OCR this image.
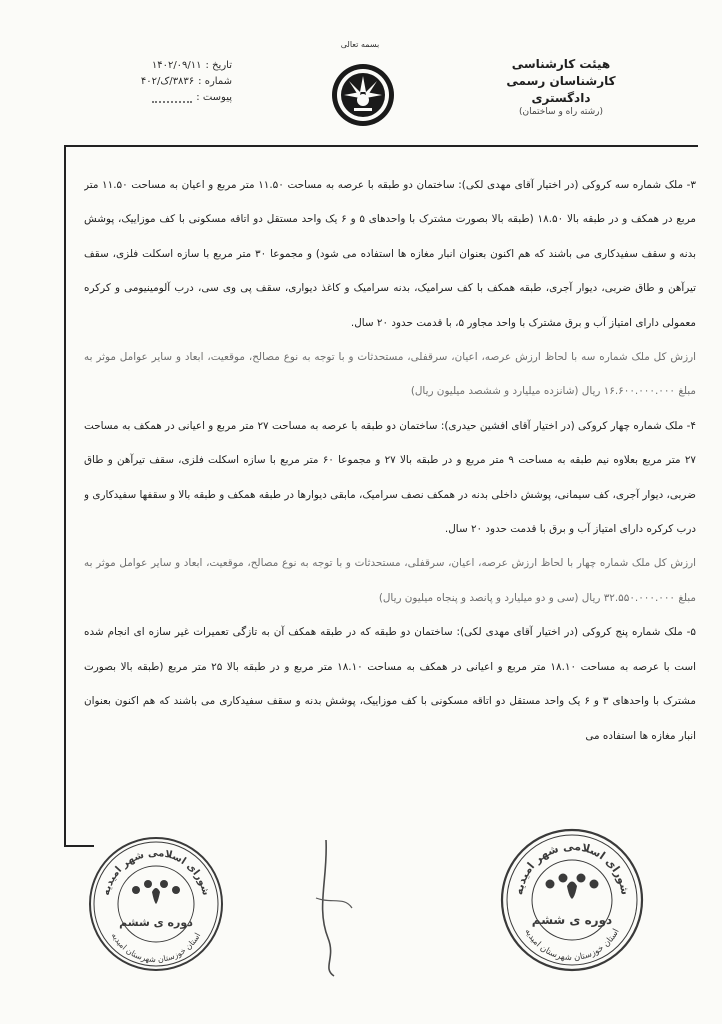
بسمه تعالی
هیئت کارشناسی
کارشناسان رسمی دادگستری
(رشته راه و ساختمان)
تاریخ :
۱۴۰۲/۰۹/۱۱
شماره :
۳۸۳۶/ک/۴۰۲
پیوست :

۳- ملک شماره سه کروکی (در اختیار آقای مهدی لکی): ساختمان دو طبقه با عرصه به مساحت ۱۱.۵۰ متر مربع و اعیان به مساحت ۱۱.۵۰ متر مربع در همکف و در طبقه بالا ۱۸.۵۰ (طبقه بالا بصورت مشترک با واحدهای ۵ و ۶ یک واحد مستقل دو اتاقه مسکونی با کف موزاییک، پوشش بدنه و سقف سفیدکاری می باشند که هم اکنون بعنوان انبار مغازه ها استفاده می شود) و مجموعا ۳۰ متر مربع با سازه اسکلت فلزی، سقف تیرآهن و طاق ضربی، دیوار آجری، طبقه همکف با کف سرامیک، بدنه سرامیک و کاغذ دیواری، سقف پی وی سی، درب آلومینیومی و کرکره معمولی دارای امتیاز آب و برق مشترک با واحد مجاور ۵، با قدمت حدود ۲۰ سال.

ارزش کل ملک شماره سه با لحاظ ارزش عرصه، اعیان، سرقفلی، مستحدثات و با توجه به نوع مصالح، موقعیت، ابعاد و سایر عوامل موثر به مبلغ ۱۶.۶۰۰.۰۰۰.۰۰۰ ریال (شانزده میلیارد و ششصد میلیون ریال)

۴- ملک شماره چهار کروکی (در اختیار آقای افشین حیدری): ساختمان دو طبقه با عرصه به مساحت ۲۷ متر مربع و اعیانی در همکف به مساحت ۲۷ متر مربع بعلاوه نیم طبقه به مساحت ۹ متر مربع و در طبقه بالا ۲۷ و مجموعا ۶۰ متر مربع با سازه اسکلت فلزی، سقف تیرآهن و طاق ضربی، دیوار آجری، کف سیمانی، پوشش داخلی بدنه در همکف نصف سرامیک، مابقی دیوارها در طبقه همکف و طبقه بالا و سقفها سفیدکاری و درب کرکره دارای امتیاز آب و برق با قدمت حدود ۲۰ سال.

ارزش کل ملک شماره چهار با لحاظ ارزش عرصه، اعیان، سرقفلی، مستحدثات و با توجه به نوع مصالح، موقعیت، ابعاد و سایر عوامل موثر به مبلغ ۳۲.۵۵۰.۰۰۰.۰۰۰ ریال (سی و دو میلیارد و پانصد و پنجاه میلیون ریال)

۵- ملک شماره پنج کروکی (در اختیار آقای مهدی لکی): ساختمان دو طبقه که در طبقه همکف آن به تازگی تعمیرات غیر سازه ای انجام شده است با عرصه به مساحت ۱۸.۱۰ متر مربع و اعیانی در همکف به مساحت ۱۸.۱۰ متر مربع و در طبقه بالا ۲۵ متر مربع (طبقه بالا بصورت مشترک با واحدهای ۳ و ۶ یک واحد مستقل دو اتاقه مسکونی با کف موزاییک، پوشش بدنه و سقف سفیدکاری می باشند که هم اکنون بعنوان انبار مغازه ها استفاده می

شورای اسلامی شهر امیدیه
استان خوزستان شهرستان امیدیه
دوره ی ششم
شورای اسلامی شهر امیدیه
استان خوزستان شهرستان امیدیه
دوره ی ششم
